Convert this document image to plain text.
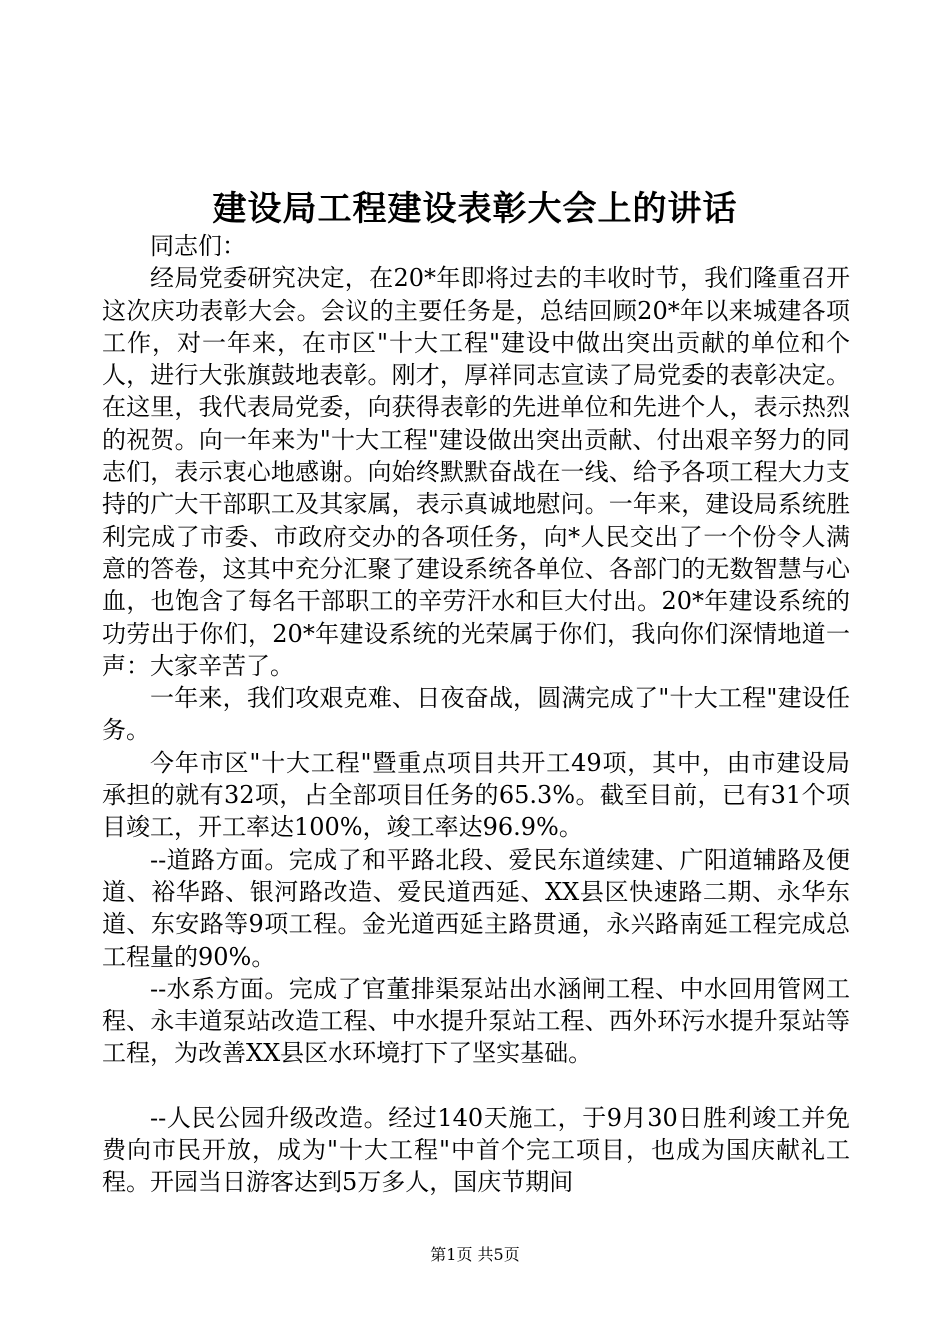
建设局工程建设表彰大会上的讲话

同志们：

经局党委研究决定，在20*年即将过去的丰收时节，我们隆重召开这次庆功表彰大会。会议的主要任务是，总结回顾20*年以来城建各项工作，对一年来，在市区"十大工程"建设中做出突出贡献的单位和个人，进行大张旗鼓地表彰。刚才，厚祥同志宣读了局党委的表彰决定。在这里，我代表局党委，向获得表彰的先进单位和先进个人，表示热烈的祝贺。向一年来为"十大工程"建设做出突出贡献、付出艰辛努力的同志们，表示衷心地感谢。向始终默默奋战在一线、给予各项工程大力支持的广大干部职工及其家属，表示真诚地慰问。一年来，建设局系统胜利完成了市委、市政府交办的各项任务，向*人民交出了一个份令人满意的答卷，这其中充分汇聚了建设系统各单位、各部门的无数智慧与心血，也饱含了每名干部职工的辛劳汗水和巨大付出。20*年建设系统的功劳出于你们，20*年建设系统的光荣属于你们，我向你们深情地道一声：大家辛苦了。

一年来，我们攻艰克难、日夜奋战，圆满完成了"十大工程"建设任务。

今年市区"十大工程"暨重点项目共开工49项，其中，由市建设局承担的就有32项，占全部项目任务的65.3%。截至目前，已有31个项目竣工，开工率达100%，竣工率达96.9%。

--道路方面。完成了和平路北段、爱民东道续建、广阳道辅路及便道、裕华路、银河路改造、爱民道西延、XX县区快速路二期、永华东道、东安路等9项工程。金光道西延主路贯通，永兴路南延工程完成总工程量的90%。

--水系方面。完成了官董排渠泵站出水涵闸工程、中水回用管网工程、永丰道泵站改造工程、中水提升泵站工程、西外环污水提升泵站等工程，为改善XX县区水环境打下了坚实基础。

--人民公园升级改造。经过140天施工，于9月30日胜利竣工并免费向市民开放，成为"十大工程"中首个完工项目，也成为国庆献礼工程。开园当日游客达到5万多人，国庆节期间

第1页 共5页
